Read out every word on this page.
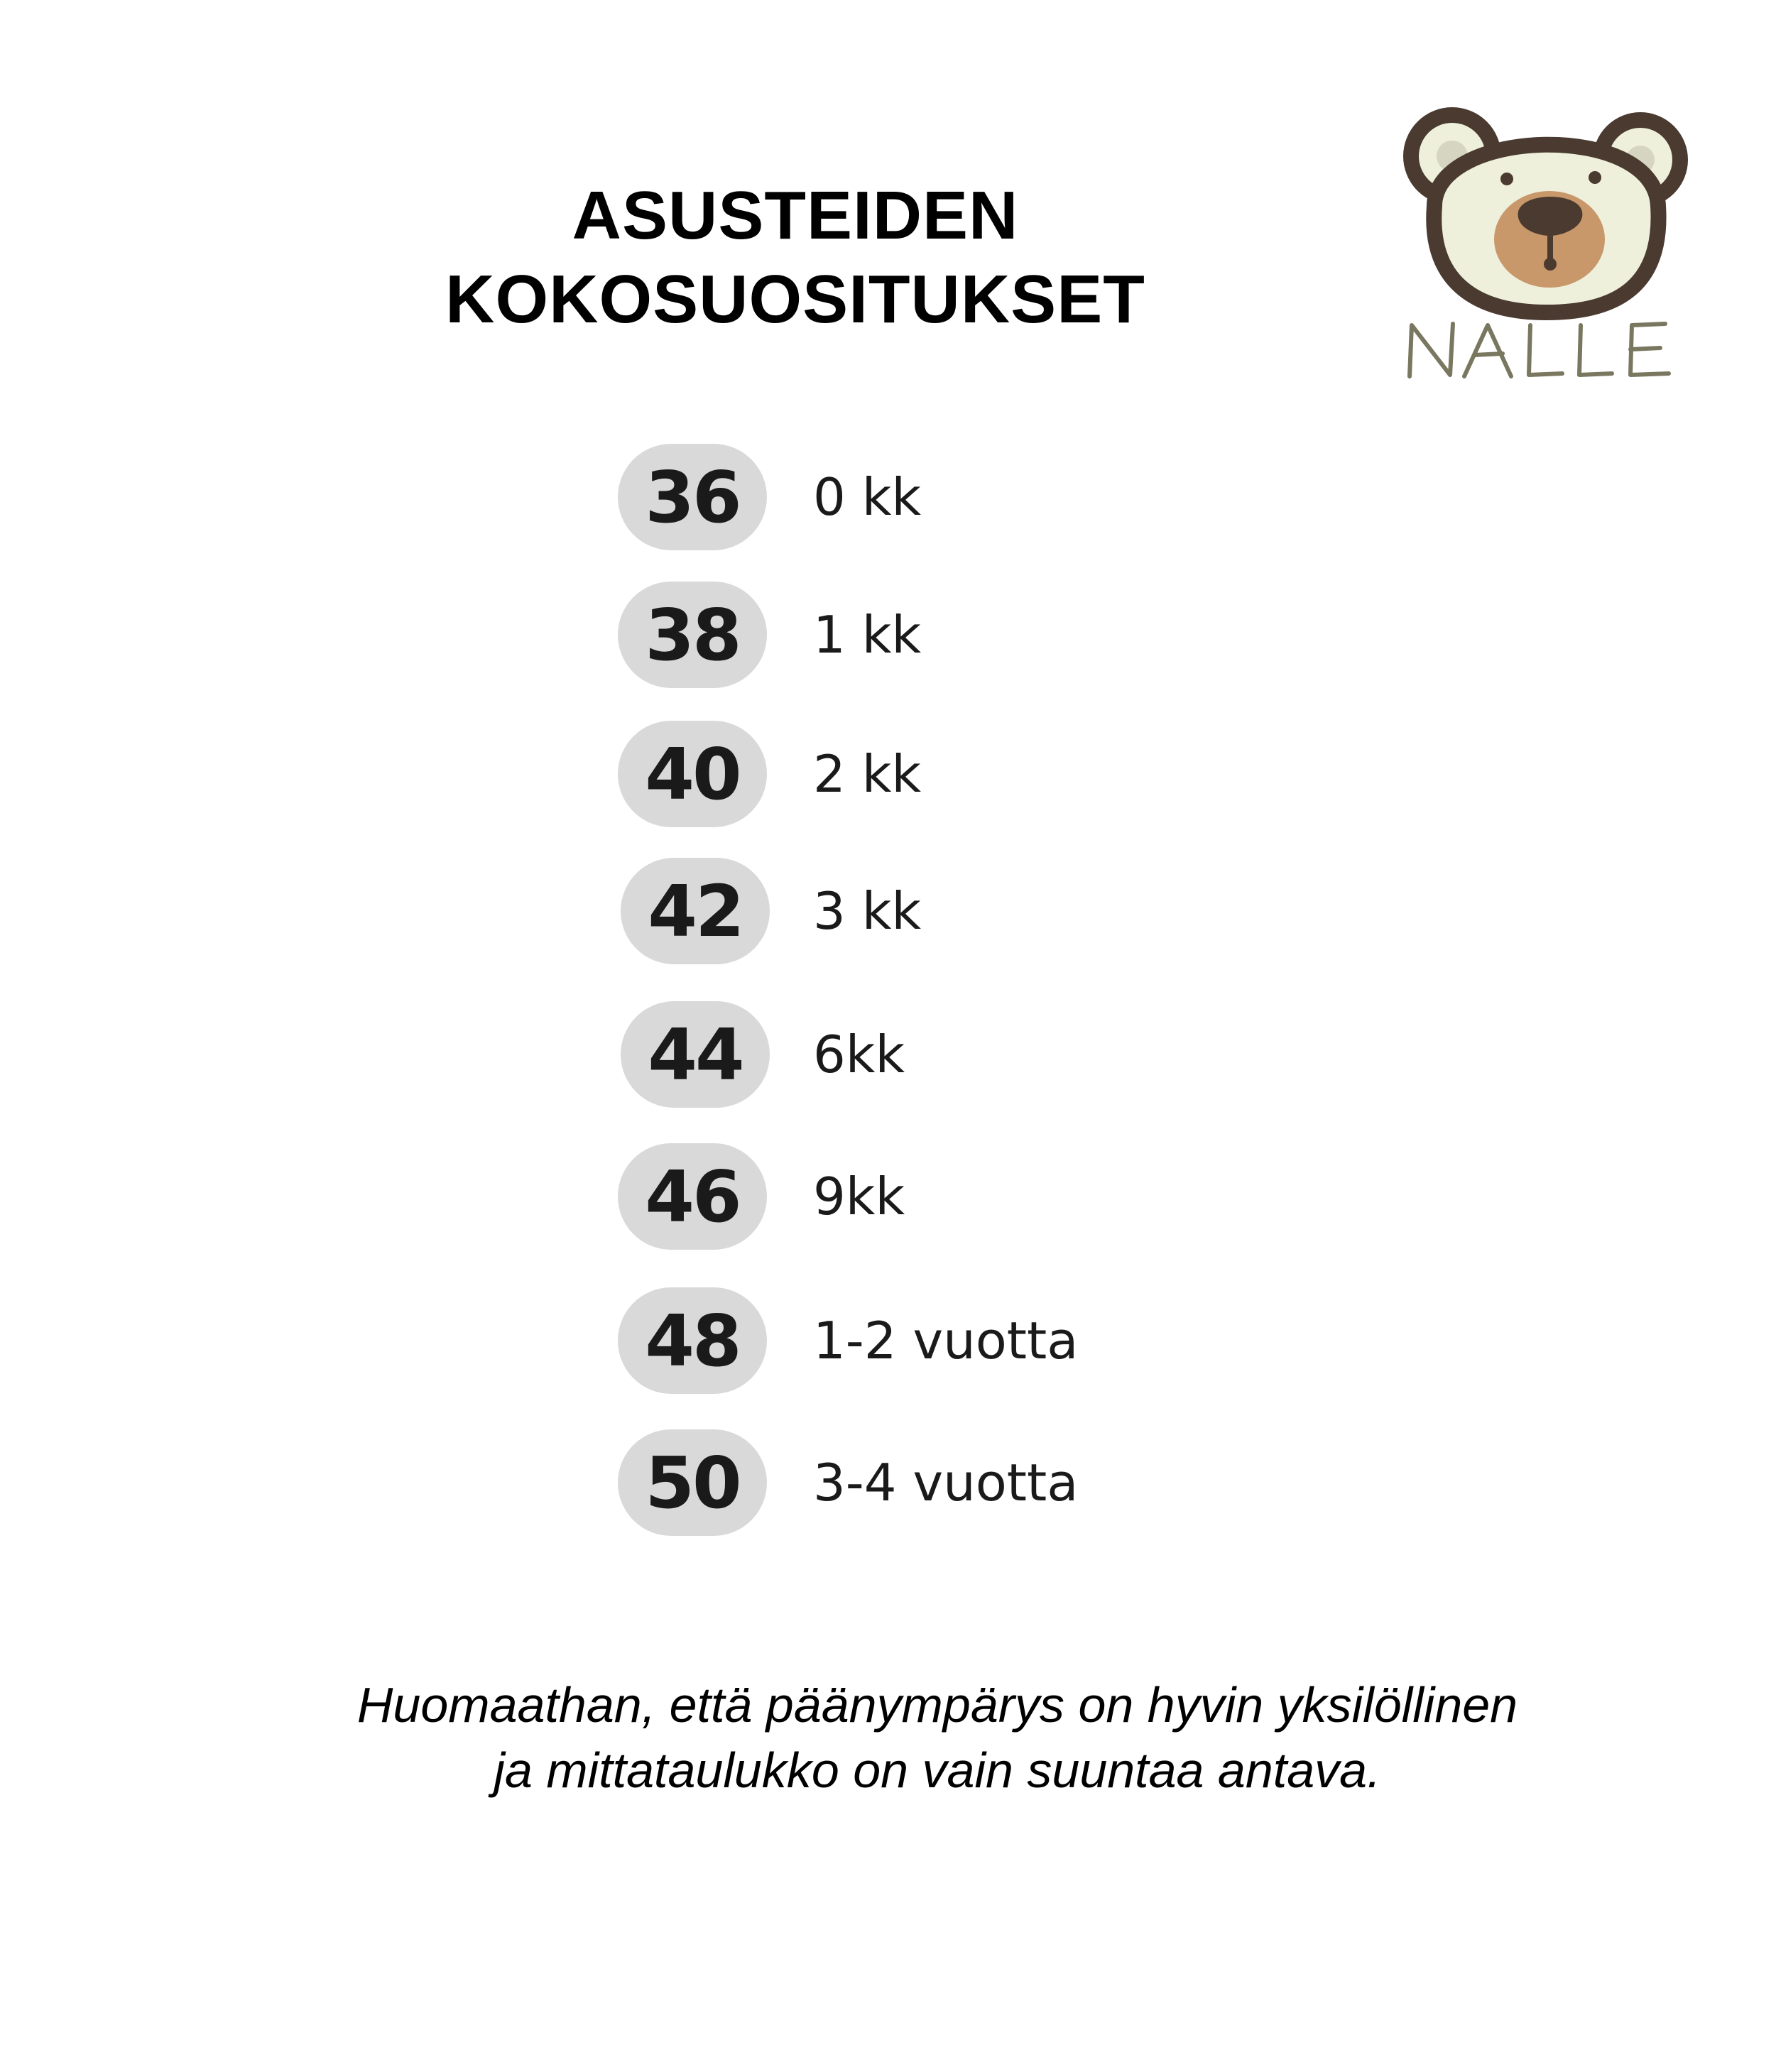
ASUSTEIDEN
KOKOSUOSITUKSET
36	0 kk
38	1 kk
40	2 kk
42	3 kk
44	6kk
46	9kk
48	1-2 vuotta
50	3-4 vuotta
Huomaathan, että päänympärys on hyvin yksilöllinen
ja mittataulukko on vain suuntaa antava.
